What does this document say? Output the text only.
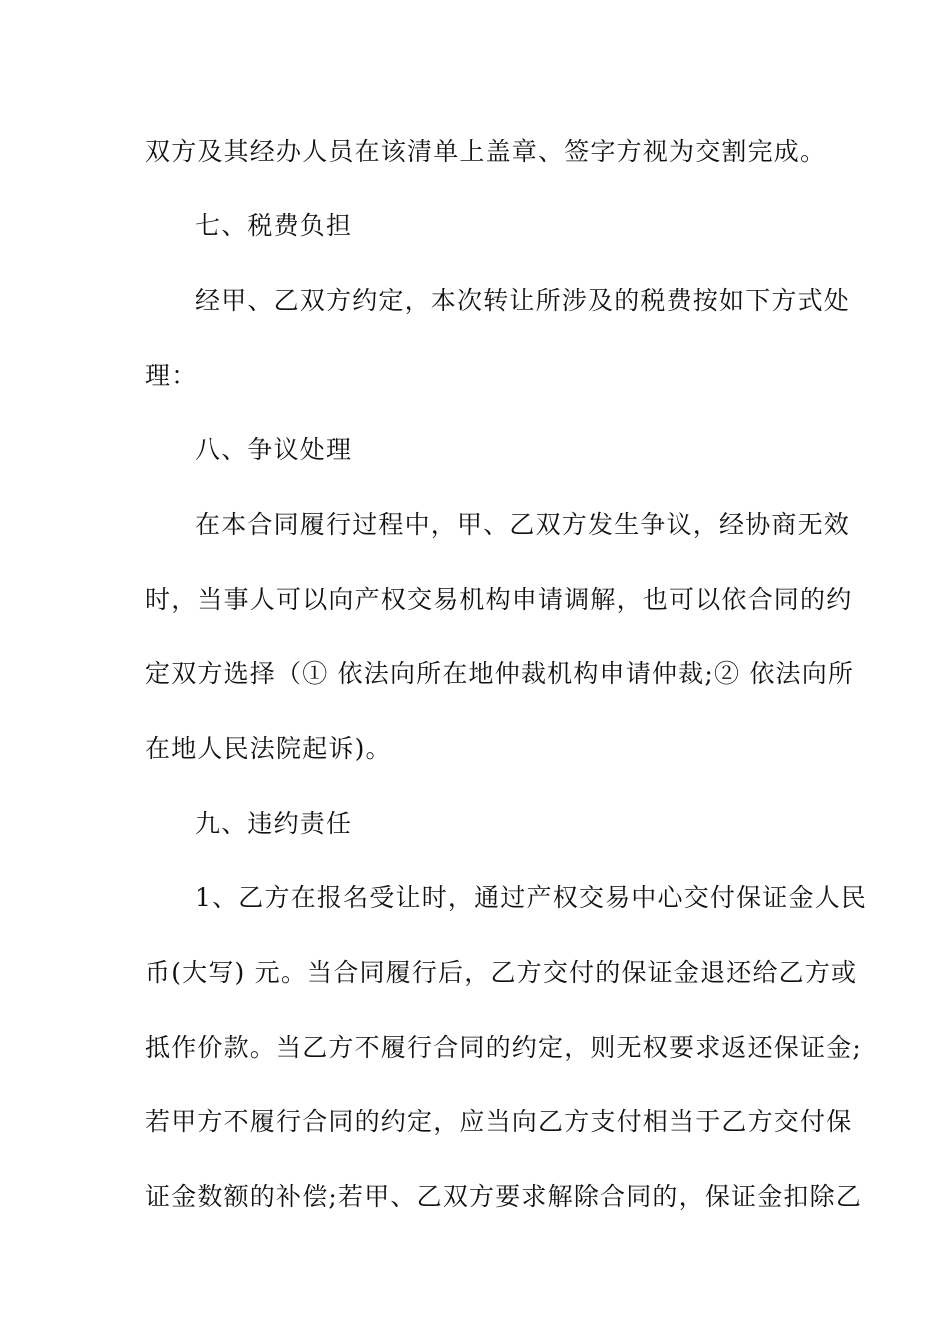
双方及其经办人员在该清单上盖章、签字方视为交割完成。
七、税费负担
经甲、乙双方约定，本次转让所涉及的税费按如下方式处
理：
八、争议处理
在本合同履行过程中，甲、乙双方发生争议，经协商无效
时，当事人可以向产权交易机构申请调解，也可以依合同的约
定双方选择（① 依法向所在地仲裁机构申请仲裁;② 依法向所
在地人民法院起诉)。
九、违约责任
1、乙方在报名受让时，通过产权交易中心交付保证金人民
币(大写) 元。当合同履行后，乙方交付的保证金退还给乙方或
抵作价款。当乙方不履行合同的约定，则无权要求返还保证金;
若甲方不履行合同的约定，应当向乙方支付相当于乙方交付保
证金数额的补偿;若甲、乙双方要求解除合同的，保证金扣除乙
